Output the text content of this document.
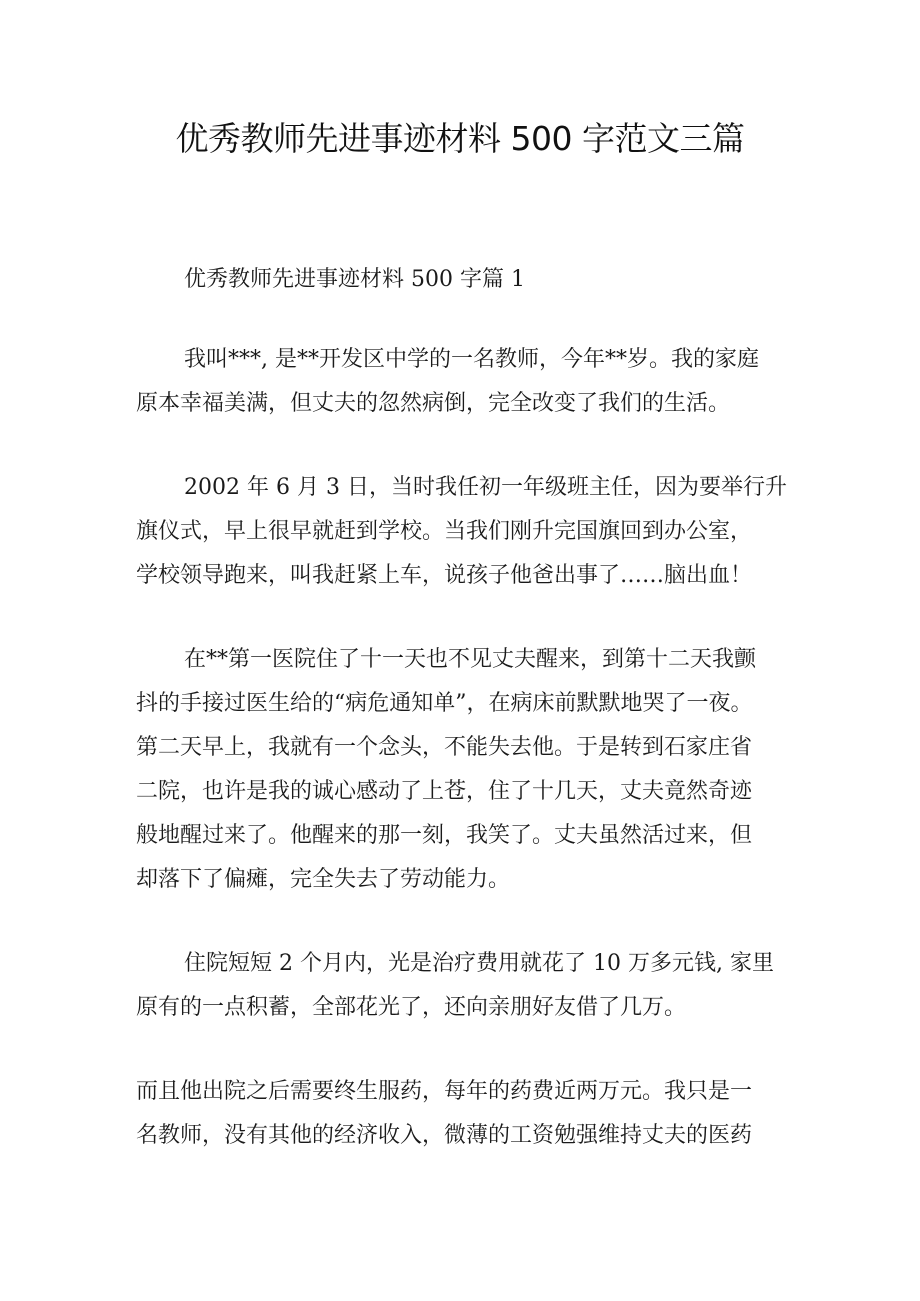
优秀教师先进事迹材料 500 字范文三篇
优秀教师先进事迹材料 500 字篇 1

我叫***, 是**开发区中学的一名教师，今年**岁。我的家庭
原本幸福美满，但丈夫的忽然病倒，完全改变了我们的生活。

2002 年 6 月 3 日，当时我任初一年级班主任，因为要举行升
旗仪式，早上很早就赶到学校。当我们刚升完国旗回到办公室，
学校领导跑来，叫我赶紧上车，说孩子他爸出事了……脑出血！

在**第一医院住了十一天也不见丈夫醒来，到第十二天我颤
抖的手接过医生给的“病危通知单”，在病床前默默地哭了一夜。
第二天早上，我就有一个念头，不能失去他。于是转到石家庄省
二院，也许是我的诚心感动了上苍，住了十几天，丈夫竟然奇迹
般地醒过来了。他醒来的那一刻，我笑了。丈夫虽然活过来，但
却落下了偏瘫，完全失去了劳动能力。

住院短短 2 个月内，光是治疗费用就花了 10 万多元钱, 家里
原有的一点积蓄，全部花光了，还向亲朋好友借了几万。

而且他出院之后需要终生服药，每年的药费近两万元。我只是一
名教师，没有其他的经济收入，微薄的工资勉强维持丈夫的医药
